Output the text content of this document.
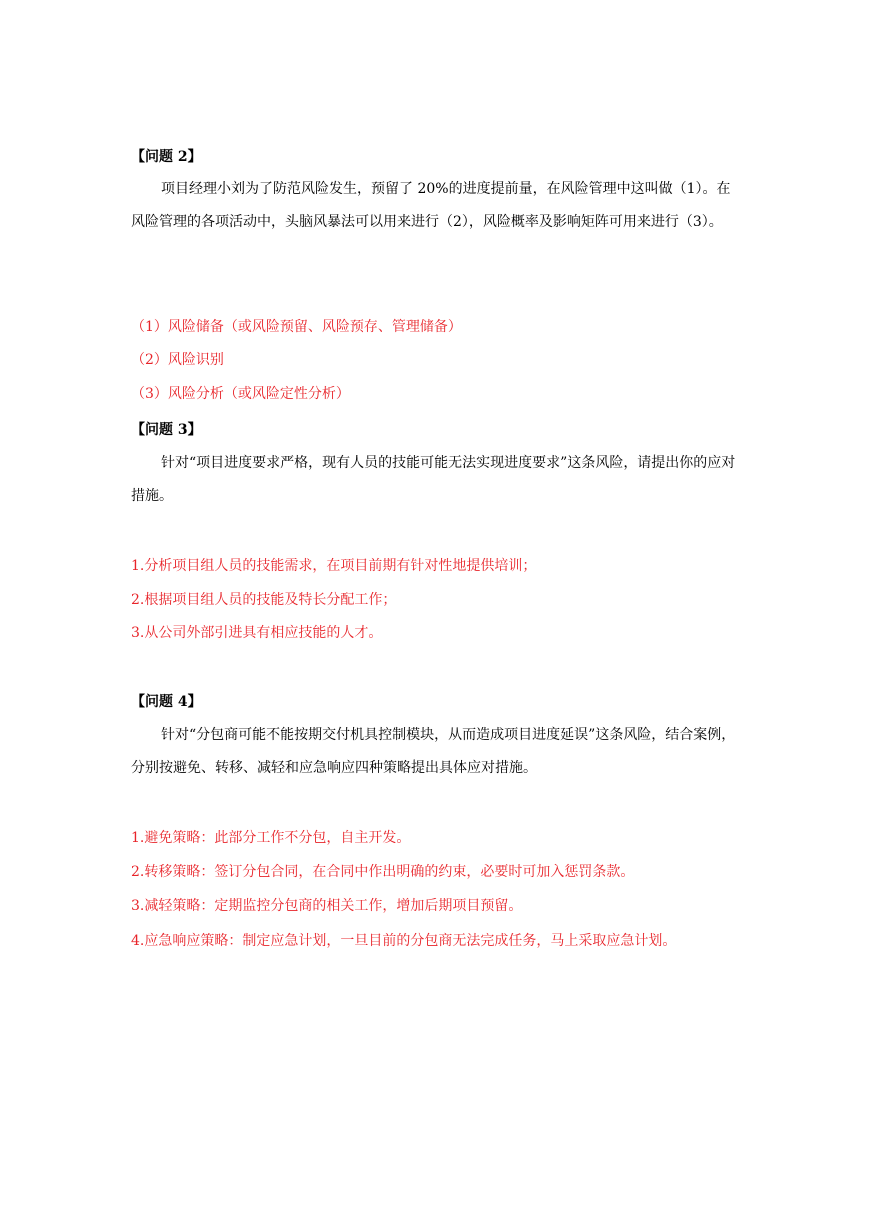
【问题 2】
项目经理小刘为了防范风险发生，预留了 20%的进度提前量，在风险管理中这叫做（1）。在风险管理的各项活动中，头脑风暴法可以用来进行（2），风险概率及影响矩阵可用来进行（3）。
（1）风险储备（或风险预留、风险预存、管理储备）
（2）风险识别
（3）风险分析（或风险定性分析）
【问题 3】
针对“项目进度要求严格，现有人员的技能可能无法实现进度要求”这条风险，请提出你的应对措施。
1.分析项目组人员的技能需求，在项目前期有针对性地提供培训；
2.根据项目组人员的技能及特长分配工作；
3.从公司外部引进具有相应技能的人才。
【问题 4】
针对“分包商可能不能按期交付机具控制模块，从而造成项目进度延误”这条风险，结合案例，分别按避免、转移、减轻和应急响应四种策略提出具体应对措施。
1.避免策略：此部分工作不分包，自主开发。
2.转移策略：签订分包合同，在合同中作出明确的约束，必要时可加入惩罚条款。
3.减轻策略：定期监控分包商的相关工作，增加后期项目预留。
4.应急响应策略：制定应急计划，一旦目前的分包商无法完成任务，马上采取应急计划。
